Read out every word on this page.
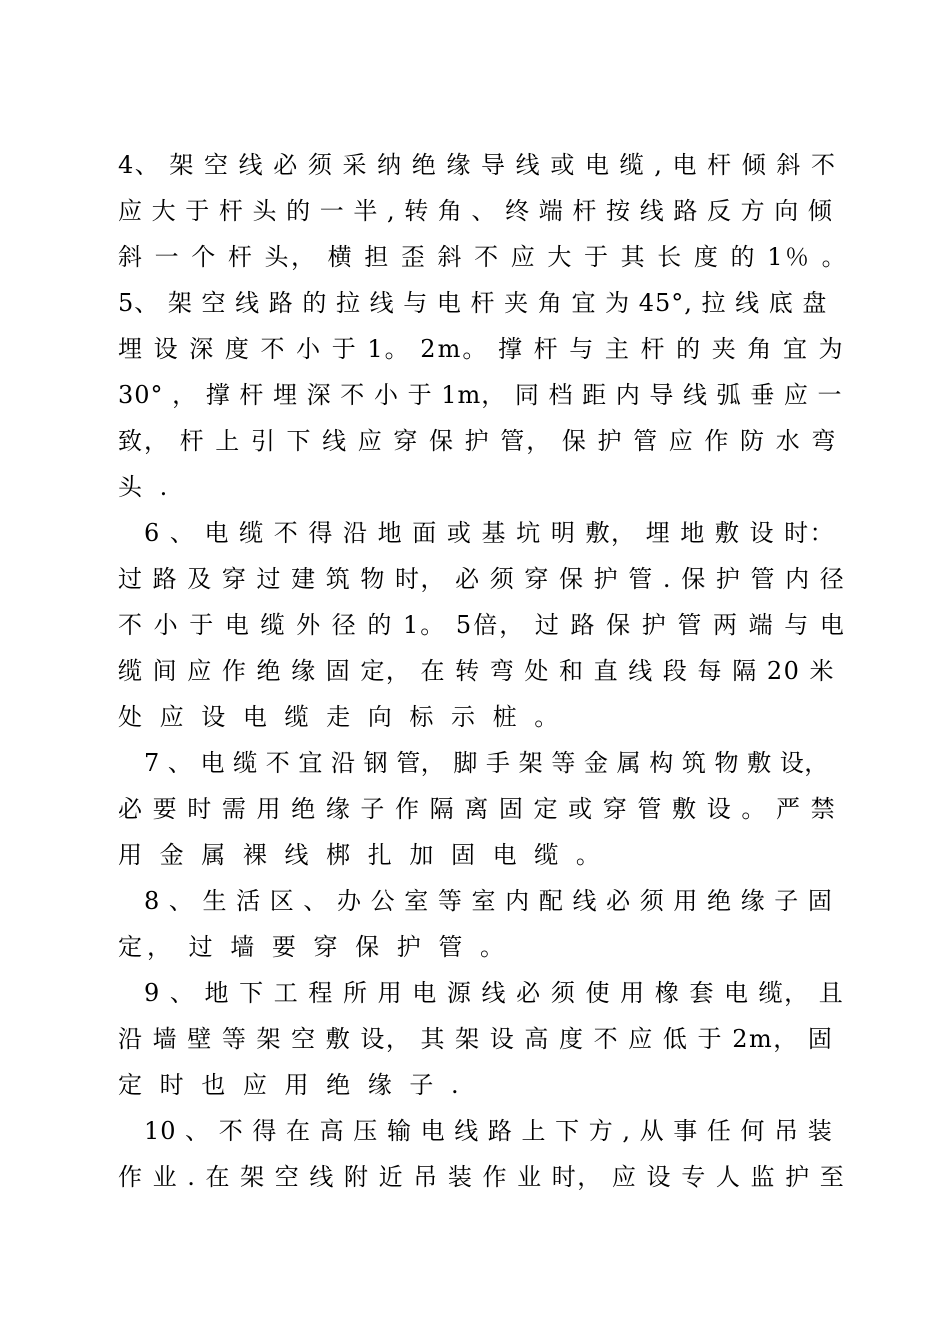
4、 架 空 线 必 须 采 纳 绝 缘 导 线 或 电 缆 , 电 杆 倾 斜 不
应 大 于 杆 头 的 一 半 , 转 角 、 终 端 杆 按 线 路 反 方 向 倾
斜 一 个 杆 头， 横 担 歪 斜 不 应 大 于 其 长 度 的 1％ 。
5、 架 空 线 路 的 拉 线 与 电 杆 夹 角 宜 为 45°, 拉 线 底 盘
埋 设 深 度 不 小 于 1。 2m。 撑 杆 与 主 杆 的 夹 角 宜 为
30° ， 撑 杆 埋 深 不 小 于 1m， 同 档 距 内 导 线 弧 垂 应 一
致， 杆 上 引 下 线 应 穿 保 护 管， 保 护 管 应 作 防 水 弯
头 .
6 、 电 缆 不 得 沿 地 面 或 基 坑 明 敷， 埋 地 敷 设 时：
过 路 及 穿 过 建 筑 物 时， 必 须 穿 保 护 管 . 保 护 管 内 径
不 小 于 电 缆 外 径 的 1。 5倍， 过 路 保 护 管 两 端 与 电
缆 间 应 作 绝 缘 固 定， 在 转 弯 处 和 直 线 段 每 隔 20 米
处 应 设 电 缆 走 向 标 示 桩 。
7 、 电 缆 不 宜 沿 钢 管， 脚 手 架 等 金 属 构 筑 物 敷 设，
必 要 时 需 用 绝 缘 子 作 隔 离 固 定 或 穿 管 敷 设 。 严 禁
用 金 属 裸 线 梆 扎 加 固 电 缆 。
8 、 生 活 区 、 办 公 室 等 室 内 配 线 必 须 用 绝 缘 子 固
定， 过 墙 要 穿 保 护 管 。
9 、 地 下 工 程 所 用 电 源 线 必 须 使 用 橡 套 电 缆， 且
沿 墙 壁 等 架 空 敷 设， 其 架 设 高 度 不 应 低 于 2m， 固
定 时 也 应 用 绝 缘 子 .
10 、 不 得 在 高 压 输 电 线 路 上 下 方 , 从 事 任 何 吊 装
作 业 . 在 架 空 线 附 近 吊 装 作 业 时， 应 设 专 人 监 护 至
